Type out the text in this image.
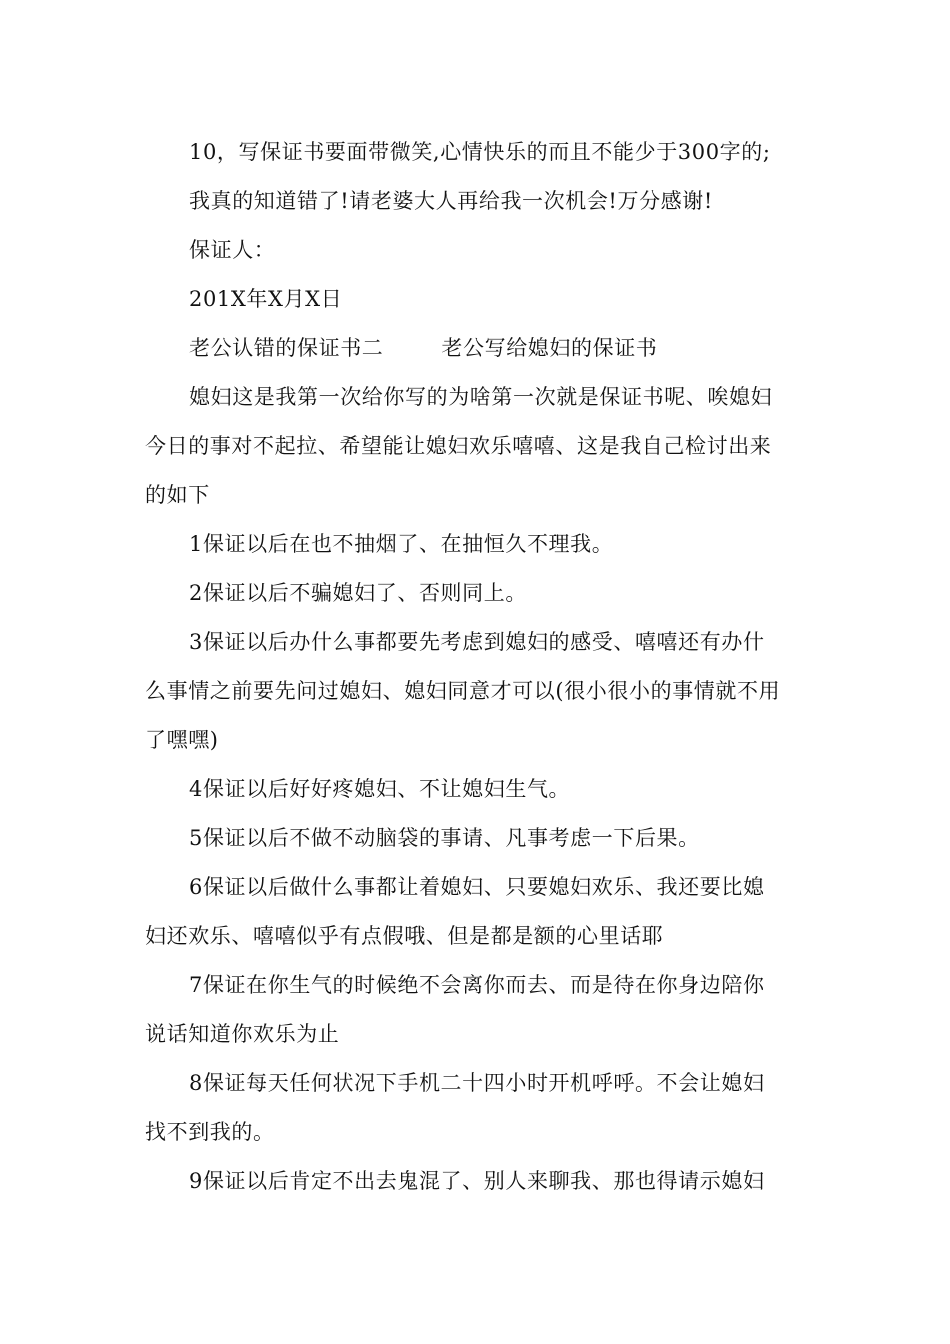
10，写保证书要面带微笑,心情快乐的而且不能少于300字的;
我真的知道错了!请老婆大人再给我一次机会!万分感谢!
保证人：
201X年X月X日
老公认错的保证书二	老公写给媳妇的保证书
媳妇这是我第一次给你写的为啥第一次就是保证书呢、唉媳妇
今日的事对不起拉、希望能让媳妇欢乐嘻嘻、这是我自己检讨出来
的如下
1保证以后在也不抽烟了、在抽恒久不理我。
2保证以后不骗媳妇了、否则同上。
3保证以后办什么事都要先考虑到媳妇的感受、嘻嘻还有办什
么事情之前要先问过媳妇、媳妇同意才可以(很小很小的事情就不用
了嘿嘿)
4保证以后好好疼媳妇、不让媳妇生气。
5保证以后不做不动脑袋的事请、凡事考虑一下后果。
6保证以后做什么事都让着媳妇、只要媳妇欢乐、我还要比媳
妇还欢乐、嘻嘻似乎有点假哦、但是都是额的心里话耶
7保证在你生气的时候绝不会离你而去、而是待在你身边陪你
说话知道你欢乐为止
8保证每天任何状况下手机二十四小时开机呼呼。不会让媳妇
找不到我的。
9保证以后肯定不出去鬼混了、别人来聊我、那也得请示媳妇
